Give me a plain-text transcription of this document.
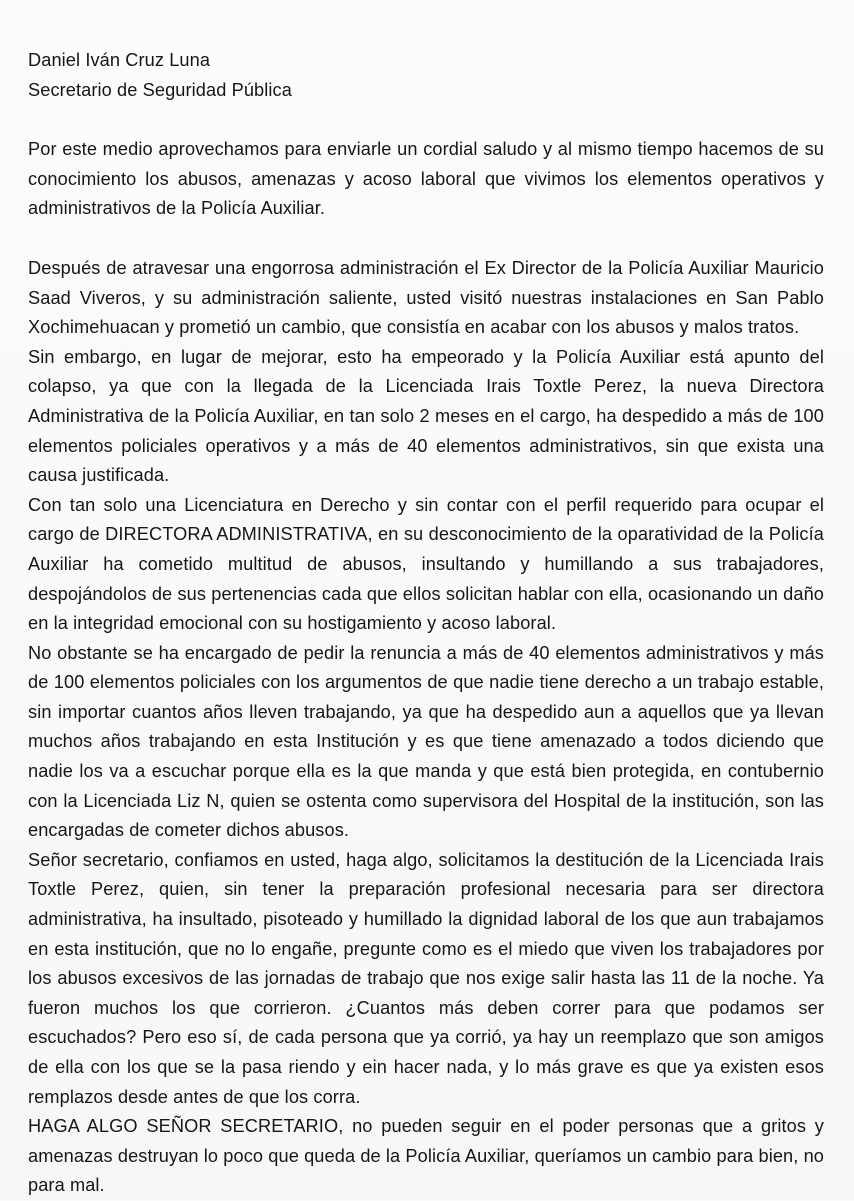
Daniel Iván Cruz Luna
Secretario de Seguridad Pública

Por este medio aprovechamos para enviarle un cordial saludo y al mismo tiempo hacemos de su conocimiento los abusos, amenazas y acoso laboral que vivimos los elementos operativos y administrativos de la Policía Auxiliar.

Después de atravesar una engorrosa administración el Ex Director de la Policía Auxiliar Mauricio Saad Viveros, y su administración saliente, usted visitó nuestras instalaciones en San Pablo Xochimehuacan y prometió un cambio, que consistía en acabar con los abusos y malos tratos.

Sin embargo, en lugar de mejorar, esto ha empeorado y la Policía Auxiliar está apunto del colapso, ya que con la llegada de la Licenciada Irais Toxtle Perez, la nueva Directora Administrativa de la Policía Auxiliar, en tan solo 2 meses en el cargo, ha despedido a más de 100 elementos policiales operativos y a más de 40 elementos administrativos, sin que exista una causa justificada.

Con tan solo una Licenciatura en Derecho y sin contar con el perfil requerido para ocupar el cargo de DIRECTORA ADMINISTRATIVA, en su desconocimiento de la oparatividad de la Policía Auxiliar ha cometido multitud de abusos, insultando y humillando a sus trabajadores, despojándolos de sus pertenencias cada que ellos solicitan hablar con ella, ocasionando un daño en la integridad emocional con su hostigamiento y acoso laboral.

No obstante se ha encargado de pedir la renuncia a más de 40 elementos administrativos y más de 100 elementos policiales con los argumentos de que nadie tiene derecho a un trabajo estable, sin importar cuantos años lleven trabajando, ya que ha despedido aun a aquellos que ya llevan muchos años trabajando en esta Institución y es que tiene amenazado a todos diciendo que nadie los va a escuchar porque ella es la que manda y que está bien protegida, en contubernio con la Licenciada Liz N, quien se ostenta como supervisora del Hospital de la institución, son las encargadas de cometer dichos abusos.

Señor secretario, confiamos en usted, haga algo, solicitamos la destitución de la Licenciada Irais Toxtle Perez, quien, sin tener la preparación profesional necesaria para ser directora administrativa, ha insultado, pisoteado y humillado la dignidad laboral de los que aun trabajamos en esta institución, que no lo engañe, pregunte como es el miedo que viven los trabajadores por los abusos excesivos de las jornadas de trabajo que nos exige salir hasta las 11 de la noche. Ya fueron muchos los que corrieron. ¿Cuantos más deben correr para que podamos ser escuchados? Pero eso sí, de cada persona que ya corrió, ya hay un reemplazo que son amigos de ella con los que se la pasa riendo y ein hacer nada, y lo más grave es que ya existen esos remplazos desde antes de que los corra.

HAGA ALGO SEÑOR SECRETARIO, no pueden seguir en el poder personas que a gritos y amenazas destruyan lo poco que queda de la Policía Auxiliar, queríamos un cambio para bien, no para mal.
